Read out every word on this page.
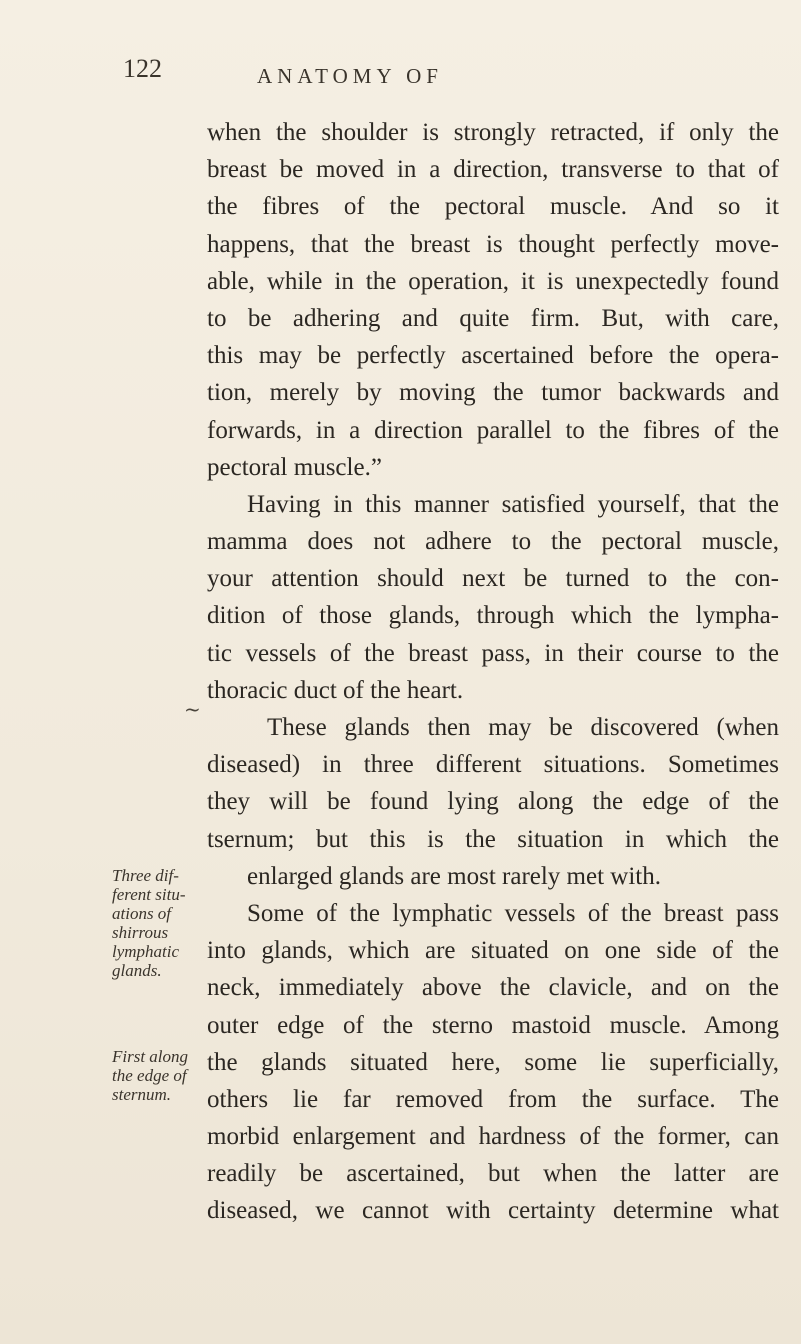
122	ANATOMY OF
~
when the shoulder is strongly retracted, if only the
breast be moved in a direction, transverse to that of
the fibres of the pectoral muscle. And so it
happens, that the breast is thought perfectly move-
able, while in the operation, it is unexpectedly found
to be adhering and quite firm. But, with care,
this may be perfectly ascertained before the opera-
tion, merely by moving the tumor backwards and
forwards, in a direction parallel to the fibres of the
pectoral muscle.”
Having in this manner satisfied yourself, that the
mamma does not adhere to the pectoral muscle,
your attention should next be turned to the con-
dition of those glands, through which the lympha-
tic vessels of the breast pass, in their course to the
thoracic duct of the heart.
These glands then may be discovered (when
diseased) in three different situations. Sometimes
they will be found lying along the edge of the
tsernum; but this is the situation in which the
enlarged glands are most rarely met with.
Some of the lymphatic vessels of the breast pass
into glands, which are situated on one side of the
neck, immediately above the clavicle, and on the
outer edge of the sterno mastoid muscle. Among
the glands situated here, some lie superficially,
others lie far removed from the surface. The
morbid enlargement and hardness of the former, can
readily be ascertained, but when the latter are
diseased, we cannot with certainty determine what
Three dif-
ferent situ-
ations of
shirrous
lymphatic
glands.
First along
the edge of
sternum.
